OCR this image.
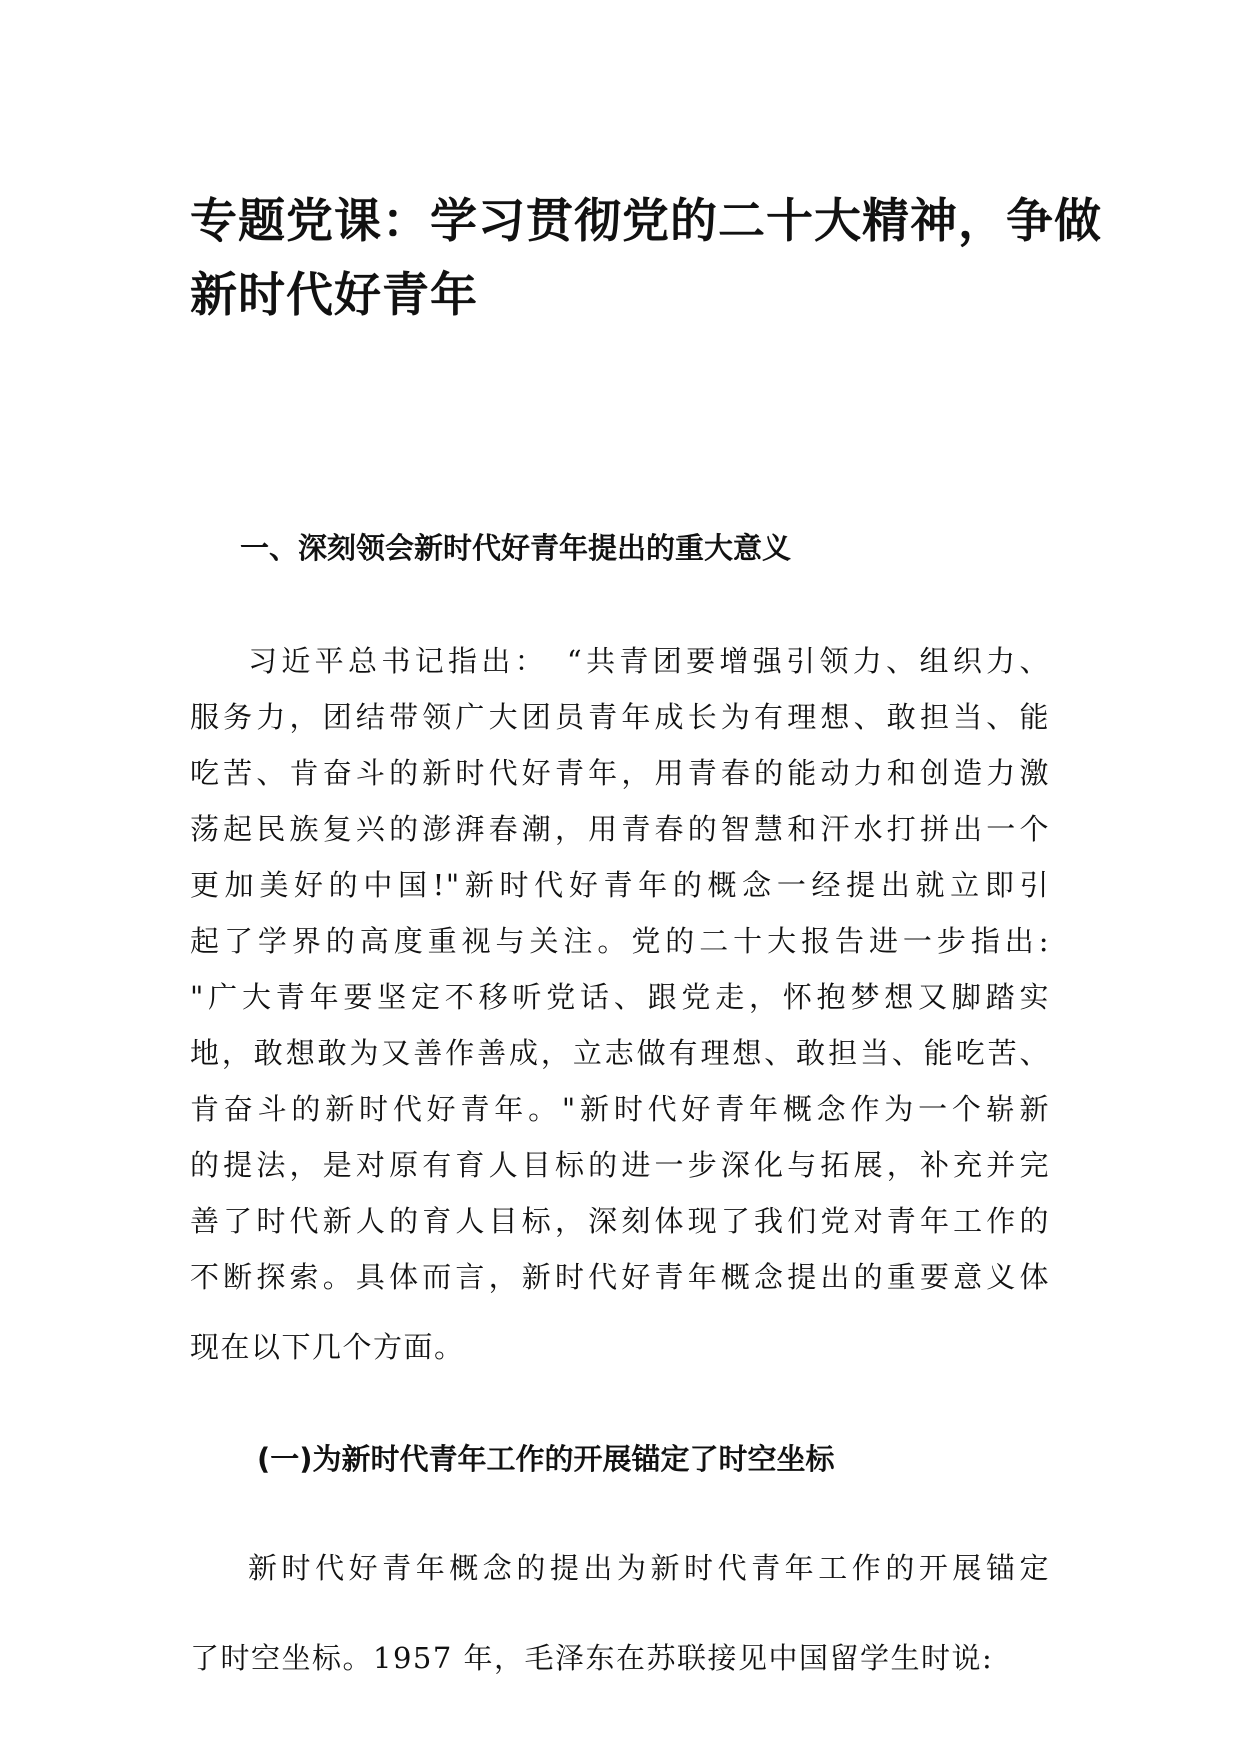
专题党课：学习贯彻党的二十大精神，争做
新时代好青年
一、深刻领会新时代好青年提出的重大意义
习近平总书记指出：　“共青团要增强引领力、组织力、
服务力，团结带领广大团员青年成长为有理想、敢担当、能
吃苦、肯奋斗的新时代好青年，用青春的能动力和创造力激
荡起民族复兴的澎湃春潮，用青春的智慧和汗水打拼出一个
更加美好的中国!"新时代好青年的概念一经提出就立即引
起了学界的高度重视与关注。党的二十大报告进一步指出:
"广大青年要坚定不移听党话、跟党走，怀抱梦想又脚踏实
地，敢想敢为又善作善成，立志做有理想、敢担当、能吃苦、
肯奋斗的新时代好青年。"新时代好青年概念作为一个崭新
的提法，是对原有育人目标的进一步深化与拓展，补充并完
善了时代新人的育人目标，深刻体现了我们党对青年工作的
不断探索。具体而言，新时代好青年概念提出的重要意义体
现在以下几个方面。
(一)为新时代青年工作的开展锚定了时空坐标
新时代好青年概念的提出为新时代青年工作的开展锚定
了时空坐标。1957 年，毛泽东在苏联接见中国留学生时说:
